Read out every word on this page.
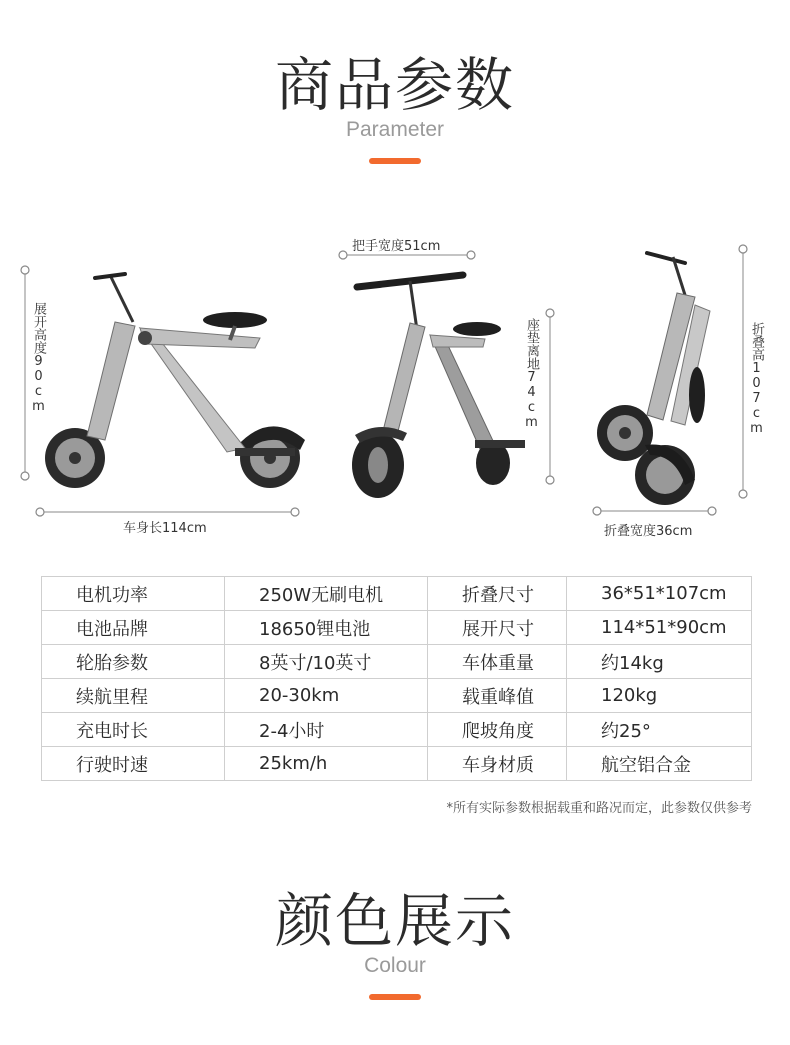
商品参数
Parameter
展开高度90cm
车身长114cm
把手宽度51cm
座垫离地74cm	折叠高107cm
折叠宽度36cm
电机功率	250W无刷电机	折叠尺寸	36*51*107cm
电池品牌	18650锂电池	展开尺寸	114*51*90cm
轮胎参数	8英寸/10英寸	车体重量	约14kg
续航里程	20-30km	载重峰值	120kg
充电时长	2-4小时	爬坡角度	约25°
行驶时速	25km/h	车身材质	航空铝合金
*所有实际参数根据载重和路况而定，此参数仅供参考
颜色展示
Colour
